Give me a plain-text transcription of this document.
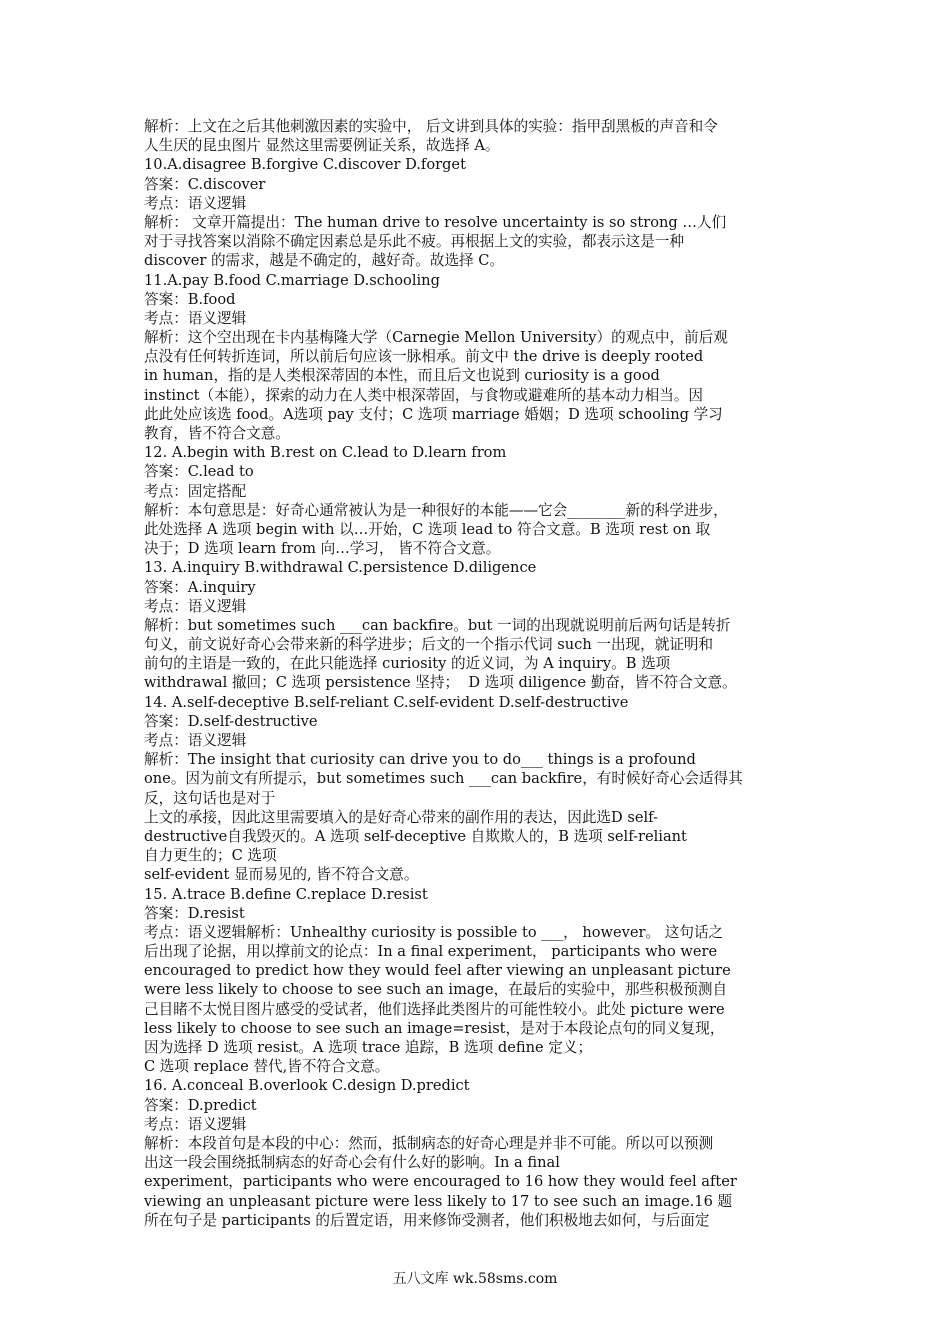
解析：上文在之后其他刺激因素的实验中， 后文讲到具体的实验：指甲刮黑板的声音和令
人生厌的昆虫图片 显然这里需要例证关系，故选择 A。
10.A.disagree B.forgive C.discover D.forget
答案：C.discover
考点：语义逻辑
解析： 文章开篇提出：The human drive to resolve uncertainty is so strong …人们
对于寻找答案以消除不确定因素总是乐此不疲。再根据上文的实验，都表示这是一种
discover 的需求，越是不确定的，越好奇。故选择 C。
11.A.pay B.food C.marriage D.schooling
答案：B.food
考点：语义逻辑
解析：这个空出现在卡内基梅隆大学（Carnegie Mellon University）的观点中，前后观
点没有任何转折连词，所以前后句应该一脉相承。前文中 the drive is deeply rooted
in human，指的是人类根深蒂固的本性，而且后文也说到 curiosity is a good
instinct（本能），探索的动力在人类中根深蒂固，与食物或避难所的基本动力相当。因
此此处应该选 food。A选项 pay 支付；C 选项 marriage 婚姻；D 选项 schooling 学习
教育，皆不符合文意。
12. A.begin with B.rest on C.lead to D.learn from
答案：C.lead to
考点：固定搭配
解析：本句意思是：好奇心通常被认为是一种很好的本能——它会________新的科学进步，
此处选择 A 选项 begin with 以…开始，C 选项 lead to 符合文意。B 选项 rest on 取
决于；D 选项 learn from 向…学习， 皆不符合文意。
13. A.inquiry B.withdrawal C.persistence D.diligence
答案：A.inquiry
考点：语义逻辑
解析：but sometimes such ___can backfire。but 一词的出现就说明前后两句话是转折
句义，前文说好奇心会带来新的科学进步；后文的一个指示代词 such 一出现，就证明和
前句的主语是一致的，在此只能选择 curiosity 的近义词，为 A inquiry。B 选项
withdrawal 撤回；C 选项 persistence 坚持；  D 选项 diligence 勤奋，皆不符合文意。
14. A.self-deceptive B.self-reliant C.self-evident D.self-destructive
答案：D.self-destructive
考点：语义逻辑
解析：The insight that curiosity can drive you to do___ things is a profound
one。因为前文有所提示，but sometimes such ___can backfire，有时候好奇心会适得其
反，这句话也是对于
上文的承接，因此这里需要填入的是好奇心带来的副作用的表达，因此选D self-
destructive自我毁灭的。A 选项 self-deceptive 自欺欺人的，B 选项 self-reliant
自力更生的；C 选项
self-evident 显而易见的, 皆不符合文意。
15. A.trace B.define C.replace D.resist
答案：D.resist
考点：语义逻辑解析：Unhealthy curiosity is possible to ___， however。 这句话之
后出现了论据，用以撑前文的论点：In a final experiment， participants who were
encouraged to predict how they would feel after viewing an unpleasant picture
were less likely to choose to see such an image，在最后的实验中，那些积极预测自
己目睹不太悦目图片感受的受试者，他们选择此类图片的可能性较小。此处 picture were
less likely to choose to see such an image=resist，是对于本段论点句的同义复现，
因为选择 D 选项 resist。A 选项 trace 追踪，B 选项 define 定义；
C 选项 replace 替代,皆不符合文意。
16. A.conceal B.overlook C.design D.predict
答案：D.predict
考点：语义逻辑
解析：本段首句是本段的中心：然而，抵制病态的好奇心理是并非不可能。所以可以预测
出这一段会围绕抵制病态的好奇心会有什么好的影响。In a final
experiment，participants who were encouraged to 16 how they would feel after
viewing an unpleasant picture were less likely to 17 to see such an image.16 题
所在句子是 participants 的后置定语，用来修饰受测者，他们积极地去如何，与后面定
五八文库 wk.58sms.com
